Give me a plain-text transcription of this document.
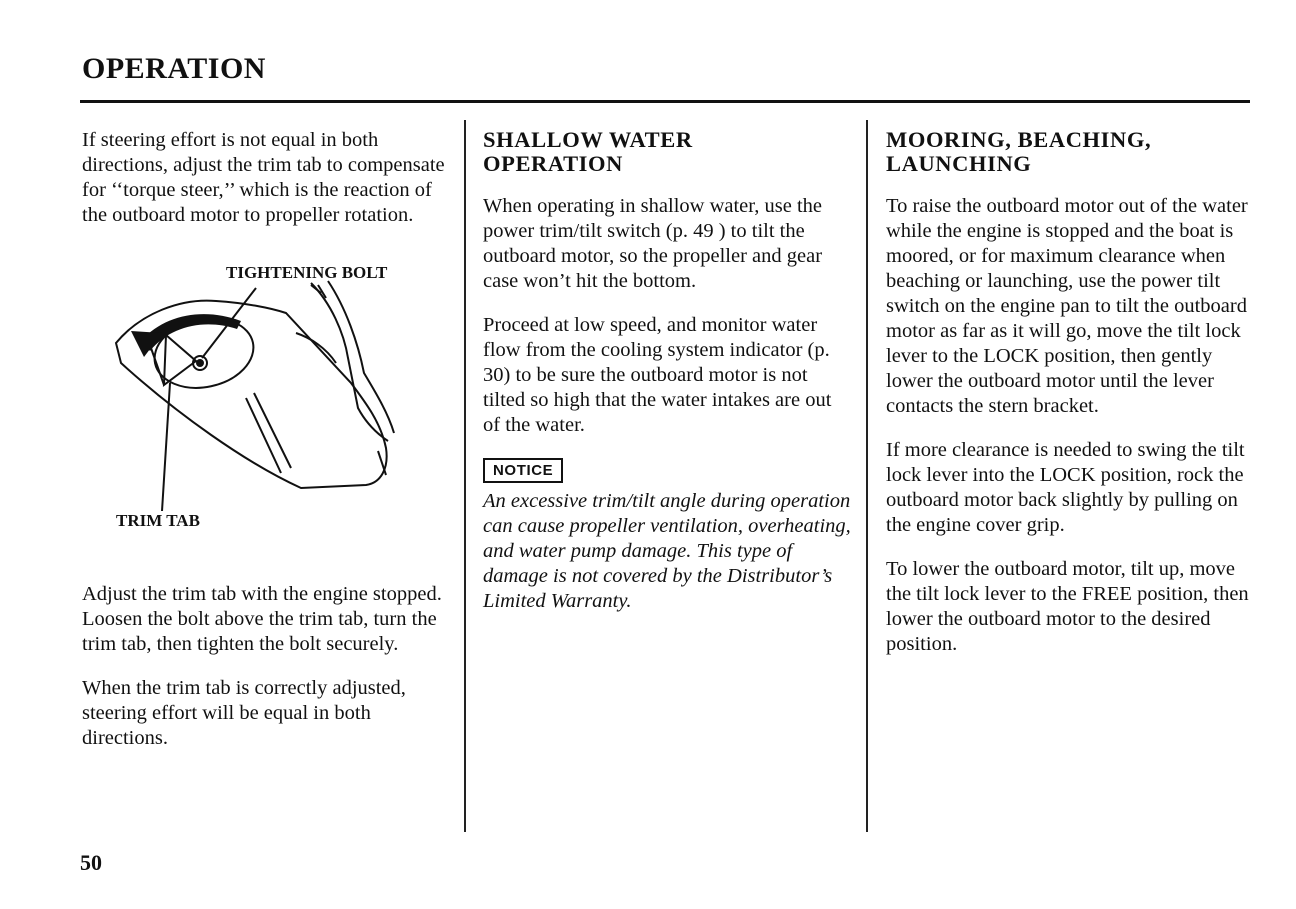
OPERATION

If steering effort is not equal in both directions, adjust the trim tab to compensate for ‘‘torque steer,’’ which is the reaction of the outboard motor to propeller rotation.

TIGHTENING BOLT
TRIM TAB

Adjust the trim tab with the engine stopped. Loosen the bolt above the trim tab, turn the trim tab, then tighten the bolt securely.

When the trim tab is correctly adjusted, steering effort will be equal in both directions.

SHALLOW WATER OPERATION

When operating in shallow water, use the power trim/tilt switch (p. 49 ) to tilt the outboard motor, so the propeller and gear case won’t hit the bottom.

Proceed at low speed, and monitor water flow from the cooling system indicator (p. 30) to be sure the outboard motor is not tilted so high that the water intakes are out of the water.

NOTICE

An excessive trim/tilt angle during operation can cause propeller ventilation, overheating, and water pump damage. This type of damage is not covered by the Distributor’s Limited Warranty.

MOORING, BEACHING, LAUNCHING

To raise the outboard motor out of the water while the engine is stopped and the boat is moored, or for maximum clearance when beaching or launching, use the power tilt switch on the engine pan to tilt the outboard motor as far as it will go, move the tilt lock lever to the LOCK position, then gently lower the outboard motor until the lever contacts the stern bracket.

If more clearance is needed to swing the tilt lock lever into the LOCK position, rock the outboard motor back slightly by pulling on the engine cover grip.

To lower the outboard motor, tilt up, move the tilt lock lever to the FREE position, then lower the outboard motor to the desired position.

50
